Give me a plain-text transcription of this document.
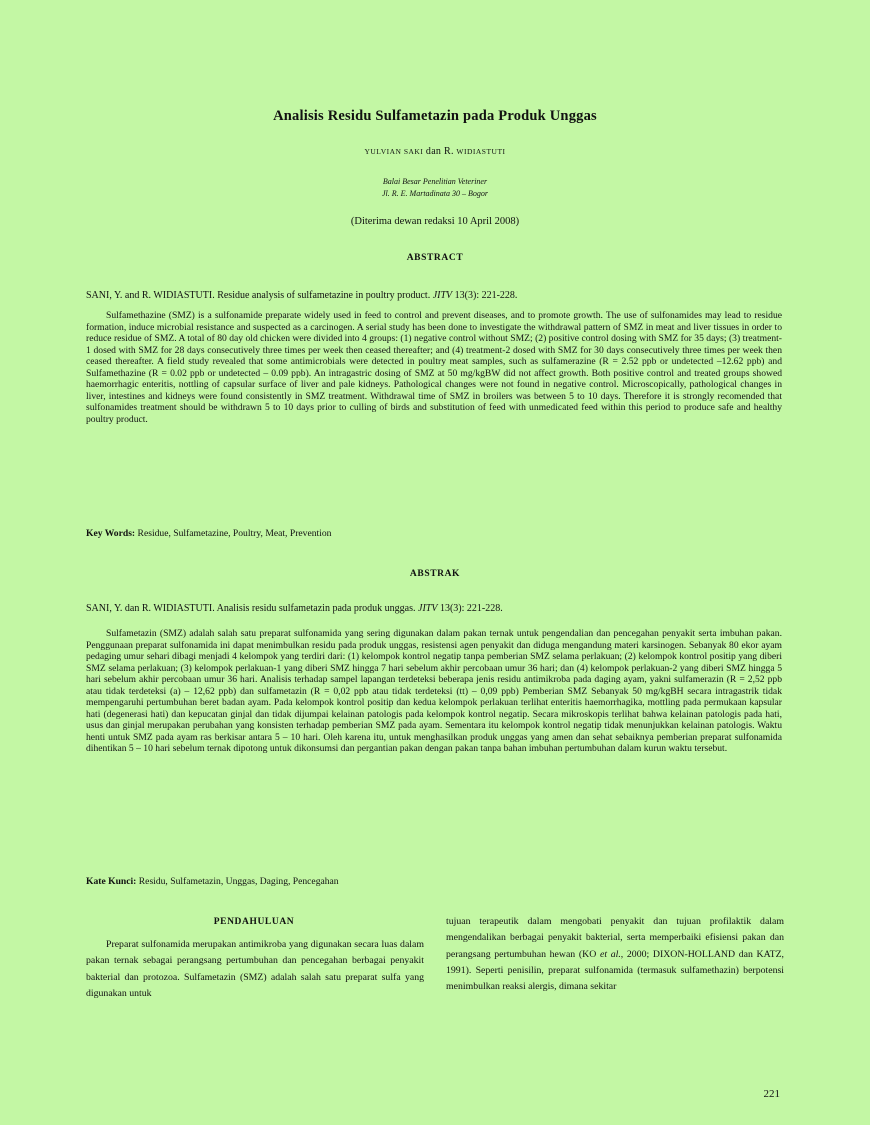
Analisis Residu Sulfametazin pada Produk Unggas
YULVIAN SAKI dan R. WIDIASTUTI
Balai Besar Penelitian Veteriner
Jl. R. E. Martadinata 30 – Bogor
(Diterima dewan redaksi 10 April 2008)
ABSTRACT
SANI, Y. and R. WIDIASTUTI. Residue analysis of sulfametazine in poultry product. JITV 13(3): 221-228.

Sulfamethazine (SMZ) is a sulfonamide preparate widely used in feed to control and prevent diseases, and to promote growth. The use of sulfonamides may lead to residue formation, induce microbial resistance and suspected as a carcinogen. A serial study has been done to investigate the withdrawal pattern of SMZ in meat and liver tissues in order to reduce residue of SMZ. A total of 80 day old chicken were divided into 4 groups: (1) negative control without SMZ; (2) positive control dosing with SMZ for 35 days; (3) treatment-1 dosed with SMZ for 28 days consecutively three times per week then ceased thereafter; and (4) treatment-2 dosed with SMZ for 30 days consecutively three times per week then ceased thereafter. A field study revealed that some antimicrobials were detected in poultry meat samples, such as sulfamerazine (R = 2.52 ppb or undetected –12.62 ppb) and Sulfamethazine (R = 0.02 ppb or undetected – 0.09 ppb). An intragastric dosing of SMZ at 50 mg/kgBW did not affect growth. Both positive control and treated groups showed haemorrhagic enteritis, nottling of capsular surface of liver and pale kidneys. Pathological changes were not found in negative control. Microscopically, pathological changes in liver, intestines and kidneys were found consistently in SMZ treatment. Withdrawal time of SMZ in broilers was between 5 to 10 days. Therefore it is strongly recomended that sulfonamides treatment should be withdrawn 5 to 10 days prior to culling of birds and substitution of feed with unmedicated feed within this period to produce safe and healthy poultry product.

Key Words: Residue, Sulfametazine, Poultry, Meat, Prevention
ABSTRAK
SANI, Y. dan R. WIDIASTUTI. Analisis residu sulfametazin pada produk unggas. JITV 13(3): 221-228.

Sulfametazin (SMZ) adalah salah satu preparat sulfonamida yang sering digunakan dalam pakan ternak untuk pengendalian dan pencegahan penyakit serta imbuhan pakan. Penggunaan preparat sulfonamida ini dapat menimbulkan residu pada produk unggas, resistensi agen penyakit dan diduga mengandung materi karsinogen. Sebanyak 80 ekor ayam pedaging umur sehari dibagi menjadi 4 kelompok yang terdiri dari: (1) kelompok kontrol negatip tanpa pemberian SMZ selama perlakuan; (2) kelompok kontrol positip yang diberi SMZ selama perlakuan; (3) kelompok perlakuan-1 yang diberi SMZ hingga 7 hari sebelum akhir percobaan umur 36 hari; dan (4) kelompok perlakuan-2 yang diberi SMZ hingga 5 hari sebelum akhir percobaan umur 36 hari. Analisis terhadap sampel lapangan terdeteksi beberapa jenis residu antimikroba pada daging ayam, yakni sulfamerazin (R = 2,52 ppb atau tidak terdeteksi (a) – 12,62 ppb) dan sulfametazin (R = 0,02 ppb atau tidak terdeteksi (tt) – 0,09 ppb) Pemberian SMZ Sebanyak 50 mg/kgBH secara intragastrik tidak mempengaruhi pertumbuhan beret badan ayam. Pada kelompok kontrol positip dan kedua kelompok perlakuan terlihat enteritis haemorrhagika, mottling pada permukaan kapsular hati (degenerasi hati) dan kepucatan ginjal dan tidak dijumpai kelainan patologis pada kelompok kontrol negatip. Secara mikroskopis terlihat bahwa kelainan patologis pada hati, usus dan ginjal merupakan perubahan yang konsisten terhadap pemberian SMZ pada ayam. Sementara itu kelompok kontrol negatip tidak menunjukkan kelainan patologis. Waktu henti untuk SMZ pada ayam ras berkisar antara 5 – 10 hari. Oleh karena itu, untuk menghasilkan produk unggas yang amen dan sehat sebaiknya pemberian preparat sulfonamida dihentikan 5 – 10 hari sebelum ternak dipotong untuk dikonsumsi dan pergantian pakan dengan pakan tanpa bahan imbuhan pertumbuhan dalam kurun waktu tersebut.

Kate Kunci: Residu, Sulfametazin, Unggas, Daging, Pencegahan
PENDAHULUAN

Preparat sulfonamida merupakan antimikroba yang digunakan secara luas dalam pakan ternak sebagai perangsang pertumbuhan dan pencegahan berbagai penyakit bakterial dan protozoa. Sulfametazin (SMZ) adalah salah satu preparat sulfa yang digunakan untuk

tujuan terapeutik dalam mengobati penyakit dan tujuan profilaktik dalam mengendalikan berbagai penyakit bakterial, serta memperbaiki efisiensi pakan dan perangsang pertumbuhan hewan (KO et al., 2000; DIXON-HOLLAND dan KATZ, 1991). Seperti penisilin, preparat sulfonamida (termasuk sulfamethazin) berpotensi menimbulkan reaksi alergis, dimana sekitar

221
